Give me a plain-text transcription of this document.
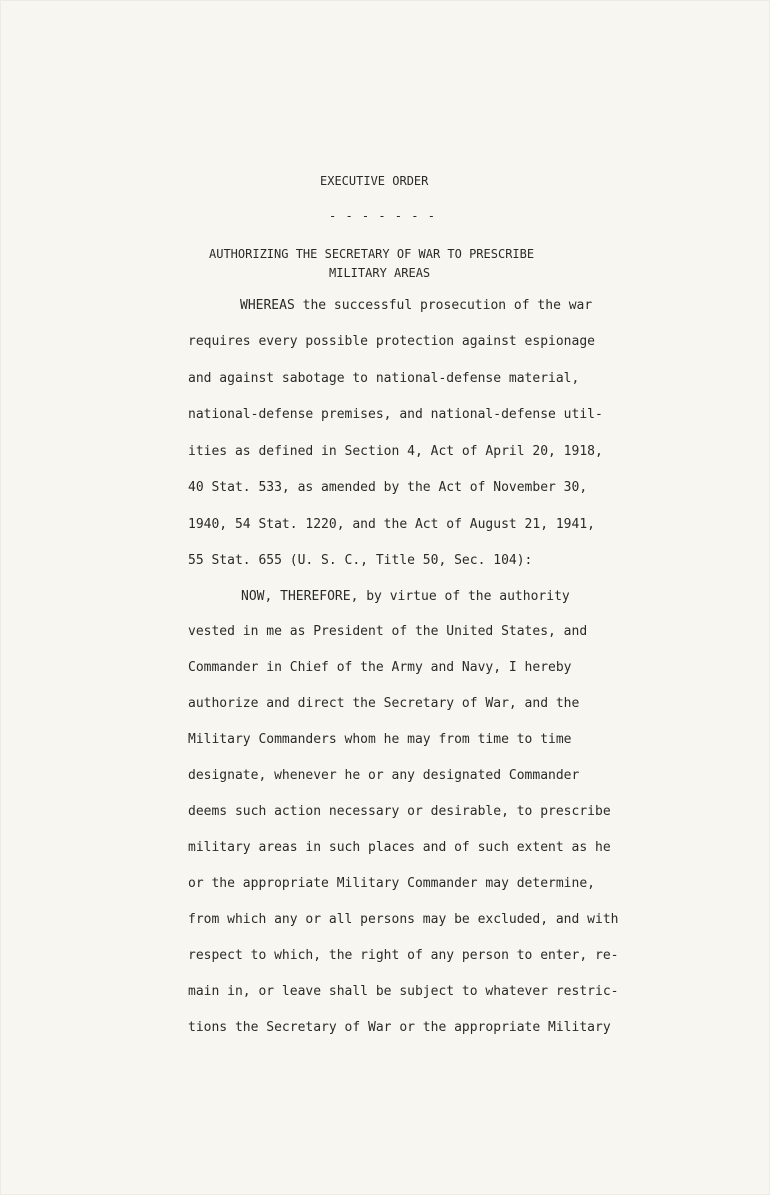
EXECUTIVE ORDER
- - - - - - -
AUTHORIZING THE SECRETARY OF WAR TO PRESCRIBE
MILITARY AREAS
WHEREAS the successful prosecution of the war
requires every possible protection against espionage
and against sabotage to national-defense material,
national-defense premises, and national-defense util-
ities as defined in Section 4, Act of April 20, 1918,
40 Stat. 533, as amended by the Act of November 30,
1940, 54 Stat. 1220, and the Act of August 21, 1941,
55 Stat. 655 (U. S. C., Title 50, Sec. 104):
NOW, THEREFORE, by virtue of the authority
vested in me as President of the United States, and
Commander in Chief of the Army and Navy, I hereby
authorize and direct the Secretary of War, and the
Military Commanders whom he may from time to time
designate, whenever he or any designated Commander
deems such action necessary or desirable, to prescribe
military areas in such places and of such extent as he
or the appropriate Military Commander may determine,
from which any or all persons may be excluded, and with
respect to which, the right of any person to enter, re-
main in, or leave shall be subject to whatever restric-
tions the Secretary of War or the appropriate Military
